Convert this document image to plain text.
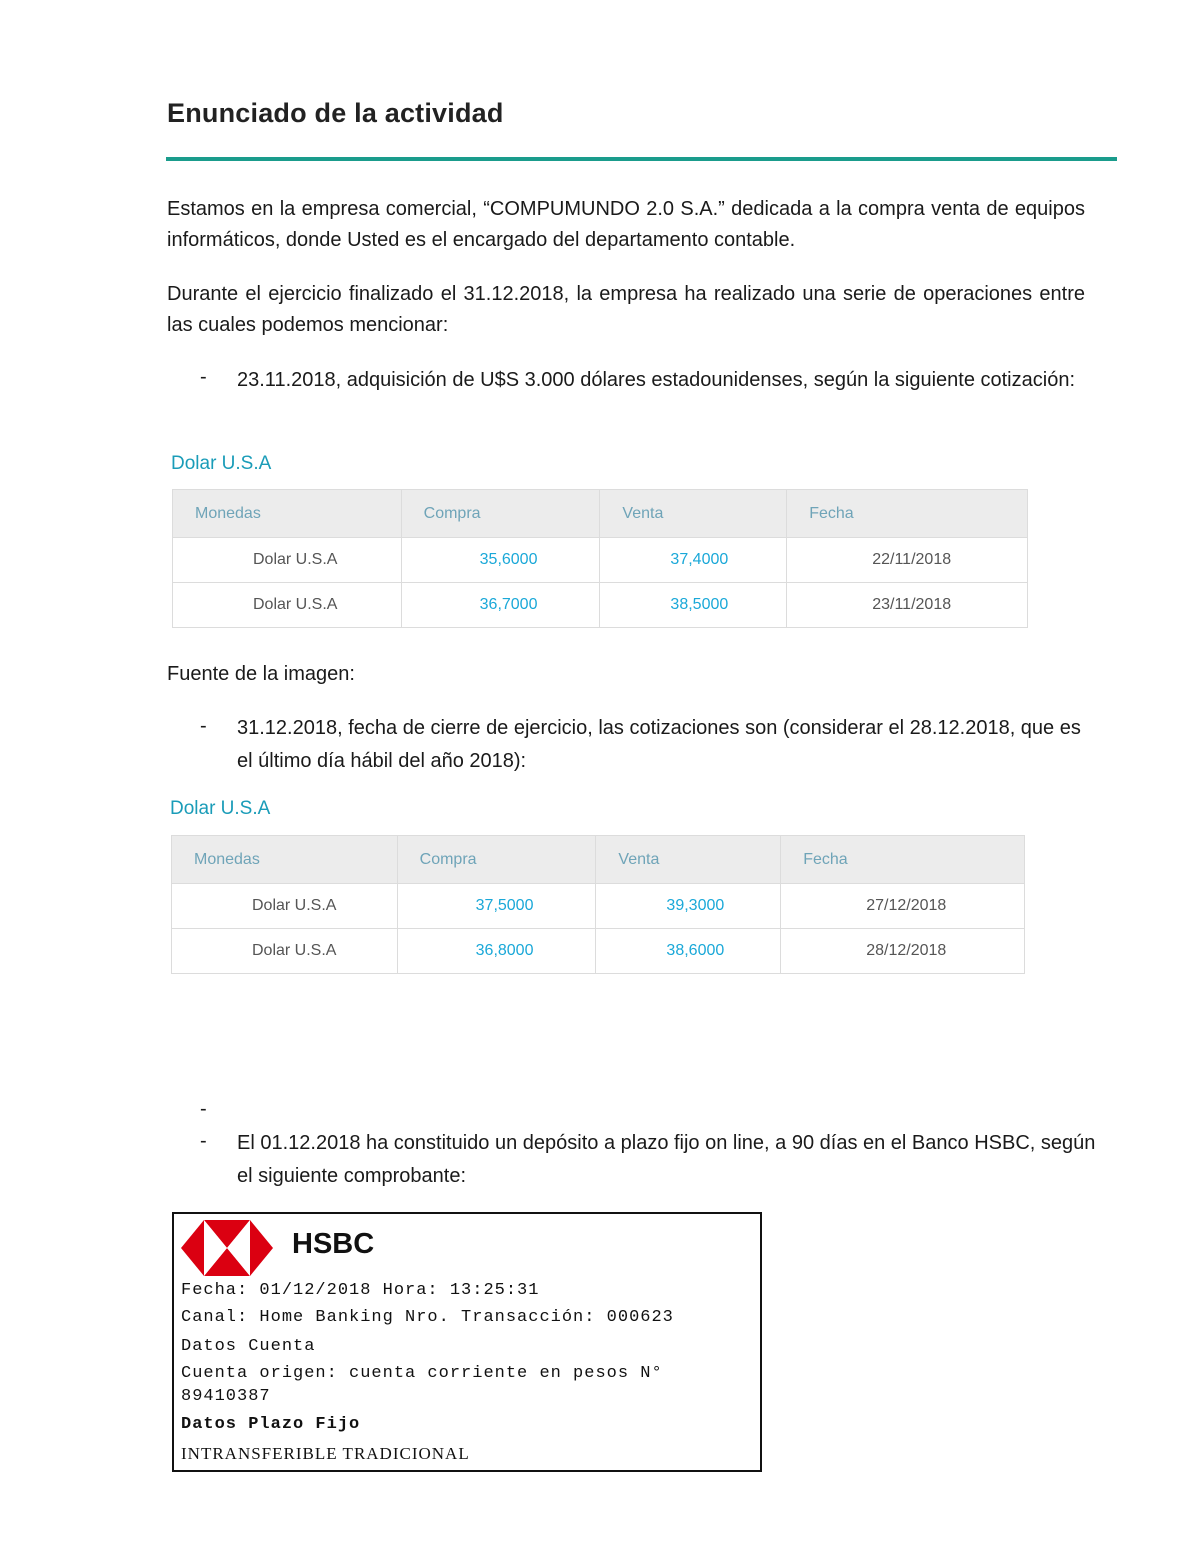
Enunciado de la actividad
Estamos en la empresa comercial, “COMPUMUNDO 2.0 S.A.” dedicada a la compra venta de equipos informáticos, donde Usted es el encargado del departamento contable.
Durante el ejercicio finalizado el 31.12.2018, la empresa ha realizado una serie de operaciones entre las cuales podemos mencionar:
- 23.11.2018, adquisición de U$S 3.000 dólares estadounidenses, según la siguiente cotización:
Dolar U.S.A
Monedas	Compra	Venta	Fecha
Dolar U.S.A	35,6000	37,4000	22/11/2018
Dolar U.S.A	36,7000	38,5000	23/11/2018
Fuente de la imagen:
- 31.12.2018, fecha de cierre de ejercicio, las cotizaciones son (considerar el 28.12.2018, que es el último día hábil del año 2018):
Dolar U.S.A
Monedas	Compra	Venta	Fecha
Dolar U.S.A	37,5000	39,3000	27/12/2018
Dolar U.S.A	36,8000	38,6000	28/12/2018
-
- El 01.12.2018 ha constituido un depósito a plazo fijo on line, a 90 días en el Banco HSBC, según el siguiente comprobante:
HSBC
Fecha: 01/12/2018 Hora: 13:25:31
Canal: Home Banking Nro. Transacción: 000623
Datos Cuenta
Cuenta origen: cuenta corriente en pesos N°
89410387
Datos Plazo Fijo
INTRANSFERIBLE TRADICIONAL
